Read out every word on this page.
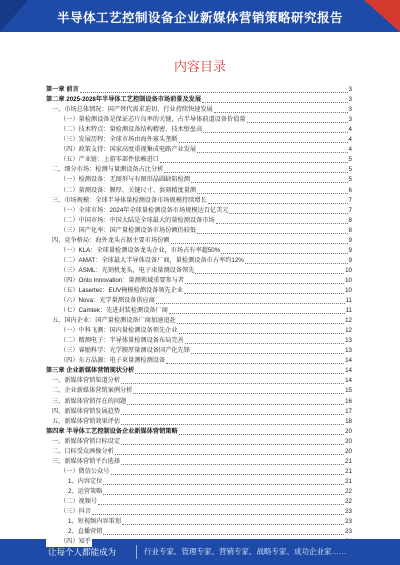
半导体工艺控制设备企业新媒体营销策略研究报告
内容目录
第一章 前言	3
第二章 2025-2028年半导体工艺控制设备市场前景及发展	3
一、市场总体情况：国产替代需求迫切，行业持续快速发展	3
（一）量检测设备是保证芯片良率的关键，占半导体前道设备价值量	3
（二）技术特点：量检测设备结构精密，技术壁垒高	4
（三）发展历程：全球市场由海外寡头垄断	4
（四）政策支持：国家高度重视集成电路产业发展	4
（五）产业链：上游零部件依赖进口	5
二、细分市场：检测与量测设备占比分析	5
（一）检测设备：无图形与有图形晶圆缺陷检测	5
（二）量测设备：膜厚、关键尺寸、套刻精度量测	6
三、市场规模：全球半导体量检测设备市场规模持续增长	7
（一）全球市场：2024年全球量检测设备市场规模达百亿美元	7
（二）中国市场：中国大陆是全球最大的量检测设备市场	8
（三）国产化率：国产量检测设备市场份额仍较低	8
四、竞争格局：海外龙头占据主要市场份额	9
（一）KLA：全球量检测设备龙头企业，市场占有率超50%	9
（二）AMAT：全球最大半导体设备厂商，量检测设备市占率约12%	9
（三）ASML：光刻机龙头，电子束量测设备领先	10
（四）Onto Innovation：量测领域重要参与者	10
（五）Lasertec：EUV掩模检测设备领先企业	10
（六）Nova：光学量测设备供应商	11
（七）Camtek：先进封装检测设备厂商	11
五、国内企业：国产量检测设备厂商加速追赶	12
（一）中科飞测：国内量检测设备领先企业	12
（二）精测电子：半导体量检测设备布局完善	13
（三）睿励科学：光学膜厚量测设备国产化先锋	13
（四）东方晶源：电子束量测检测设备	14
第三章 企业新媒体营销现状分析	14
一、新媒体营销渠道分析	14
二、企业新媒体营销案例分析	15
三、新媒体营销存在的问题	16
四、新媒体营销发展趋势	17
五、新媒体营销效果评估	18
第四章 半导体工艺控制设备企业新媒体营销策略	20
一、新媒体营销目标设定	20
二、目标受众画像分析	20
三、新媒体营销平台选择	21
（一）微信公众号	21
1、内容定位	21
2、运营策略	22
（二）视频号	22
（三）抖音	23
1、短视频内容策划	23
2、直播营销	23
（四）知乎
让每个人都能成为	行业专家、管理专家、营销专家、战略专家、成功企业家……
